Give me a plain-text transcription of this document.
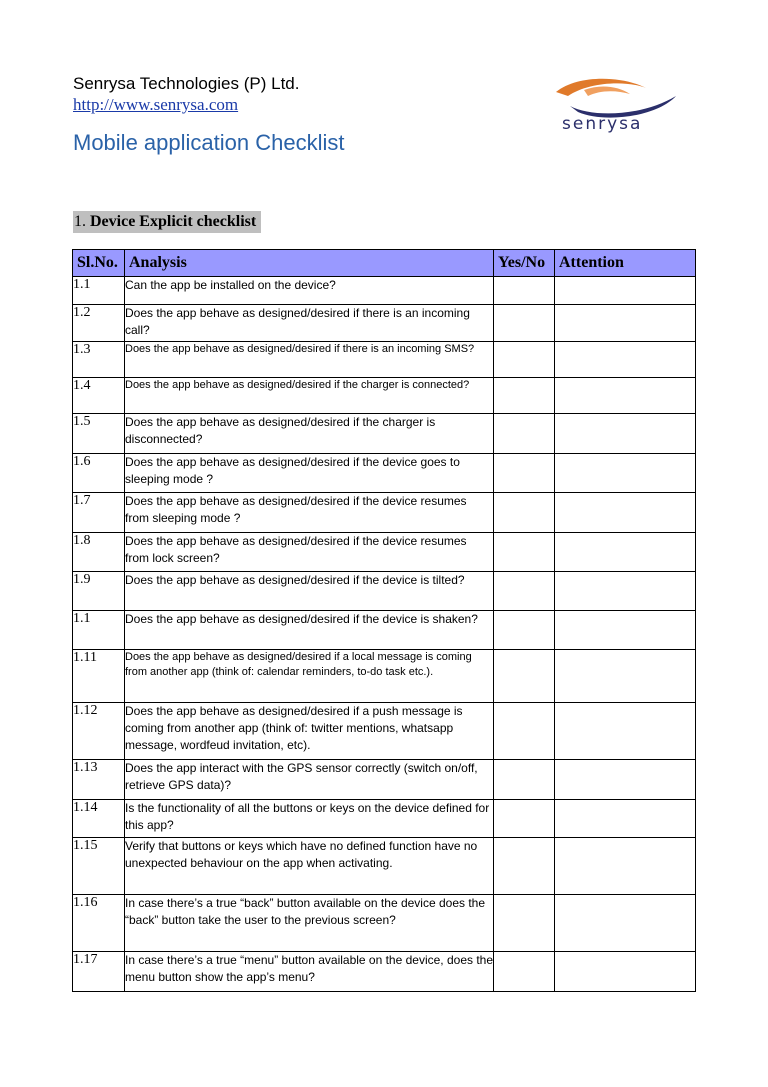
Senrysa Technologies (P) Ltd.
http://www.senrysa.com
senrysa
Mobile application Checklist
1. Device Explicit checklist
Sl.No.	Analysis	Yes/No	Attention
1.1	Can the app be installed on the device?		
1.2	Does the app behave as designed/desired if there is an incoming call?		
1.3	Does the app behave as designed/desired if there is an incoming SMS?		
1.4	Does the app behave as designed/desired if the charger is connected?		
1.5	Does the app behave as designed/desired if the charger is disconnected?		
1.6	Does the app behave as designed/desired if the device goes to sleeping mode ?		
1.7	Does the app behave as designed/desired if the device resumes from sleeping mode ?		
1.8	Does the app behave as designed/desired if the device resumes from lock screen?		
1.9	Does the app behave as designed/desired if the device is tilted?		
1.1	Does the app behave as designed/desired if the device is shaken?		
1.11	Does the app behave as designed/desired if a local message is coming from another app (think of: calendar reminders, to-do task etc.).		
1.12	Does the app behave as designed/desired if a push message is coming from another app (think of: twitter mentions, whatsapp message, wordfeud invitation, etc).		
1.13	Does the app interact with the GPS sensor correctly (switch on/off, retrieve GPS data)?		
1.14	Is the functionality of all the buttons or keys on the device defined for this app?		
1.15	Verify that buttons or keys which have no defined function have no unexpected behaviour on the app when activating.		
1.16	In case there’s a true “back” button available on the device does the “back” button take the user to the previous screen?		
1.17	In case there’s a true “menu” button available on the device, does the menu button show the app’s menu?		
